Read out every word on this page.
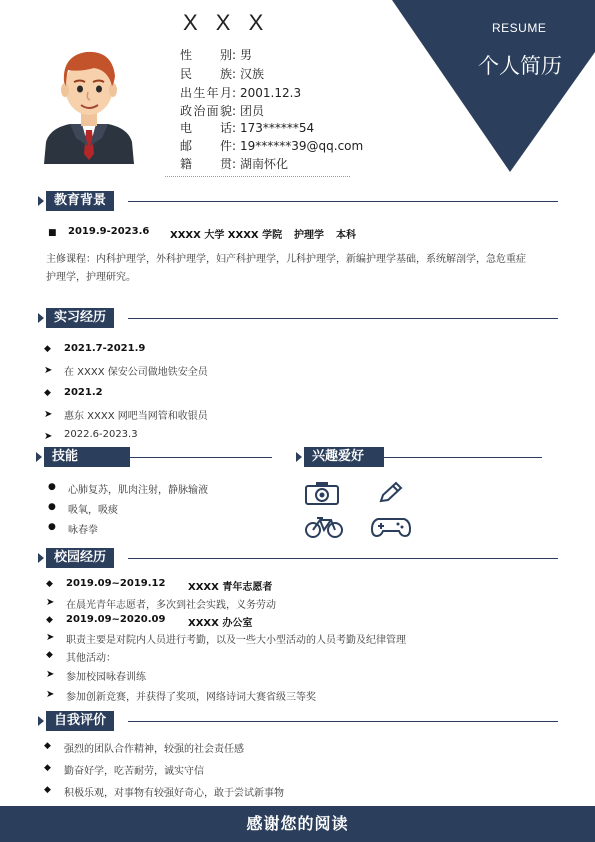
RESUME
个人简历
X X X
性别: 男
民族: 汉族
出生年月: 2001.12.3
政治面貌: 团员
电话: 173******54
邮件: 19******39@qq.com
籍贯: 湖南怀化
教育背景
■ 2019.9-2023.6 XXXX 大学 XXXX 学院 护理学 本科
主修课程：内科护理学，外科护理学，妇产科护理学，儿科护理学，新编护理学基础，系统解剖学，急危重症
护理学，护理研究。
实习经历
◆ 2021.7-2021.9
➤ 在 XXXX 保安公司做地铁安全员
◆ 2021.2
➤ 惠东 XXXX 网吧当网管和收银员
➤ 2022.6-2023.3
技能
● 心肺复苏，肌肉注射，静脉输液
● 吸氧，吸痰
● 咏春拳
兴趣爱好
校园经历
◆ 2019.09~2019.12 XXXX 青年志愿者
➤ 在晨光青年志愿者，多次到社会实践，义务劳动
◆ 2019.09~2020.09 XXXX 办公室
➤ 职责主要是对院内人员进行考勤，以及一些大小型活动的人员考勤及纪律管理
◆ 其他活动：
➤ 参加校园咏春训练
➤ 参加创新竞赛，并获得了奖项，网络诗词大赛省级三等奖
自我评价
◆ 强烈的团队合作精神，较强的社会责任感
◆ 勤奋好学，吃苦耐劳，诚实守信
◆ 积极乐观，对事物有较强好奇心，敢于尝试新事物
感谢您的阅读
